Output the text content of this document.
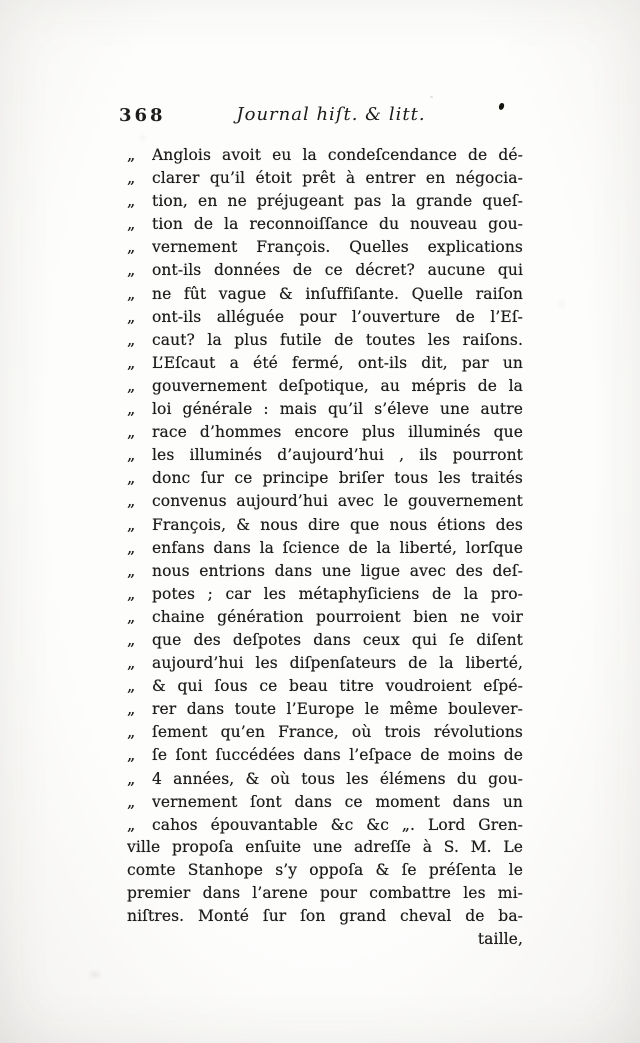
368	Journal hiſt. & litt.
„	Anglois avoit eu la condeſcendance de dé-
„	clarer qu’il étoit prêt à entrer en négocia-
„	tion, en ne préjugeant pas la grande queſ-
„	tion de la reconnoiſſance du nouveau gou-
„	vernement François. Quelles explications
„	ont-ils données de ce décret? aucune qui
„	ne fût vague & inſuffiſante. Quelle raiſon
„	ont-ils alléguée pour l’ouverture de l’Eſ-
„	caut? la plus futile de toutes les raiſons.
„	L’Eſcaut a été fermé, ont-ils dit, par un
„	gouvernement deſpotique, au mépris de la
„	loi générale : mais qu’il s’éleve une autre
„	race d’hommes encore plus illuminés que
„	les illuminés d’aujourd’hui , ils pourront
„	donc ſur ce principe briſer tous les traités
„	convenus aujourd’hui avec le gouvernement
„	François, & nous dire que nous étions des
„	enfans dans la ſcience de la liberté, lorſque
„	nous entrions dans une ligue avec des deſ-
„	potes ; car les métaphyſiciens de la pro-
„	chaine génération pourroient bien ne voir
„	que des deſpotes dans ceux qui ſe diſent
„	aujourd’hui les diſpenſateurs de la liberté,
„	& qui ſous ce beau titre voudroient eſpé-
„	rer dans toute l’Europe le même boulever-
„	ſement qu’en France, où trois révolutions
„	ſe ſont ſuccédées dans l’eſpace de moins de
„	4 années, & où tous les élémens du gou-
„	vernement ſont dans ce moment dans un
„	cahos épouvantable &c &c „. Lord Gren-
ville propoſa enſuite une adreſſe à S. M. Le
comte Stanhope s’y oppoſa & ſe préſenta le
premier dans l’arene pour combattre les mi-
niſtres. Monté ſur ſon grand cheval de ba-
taille,
